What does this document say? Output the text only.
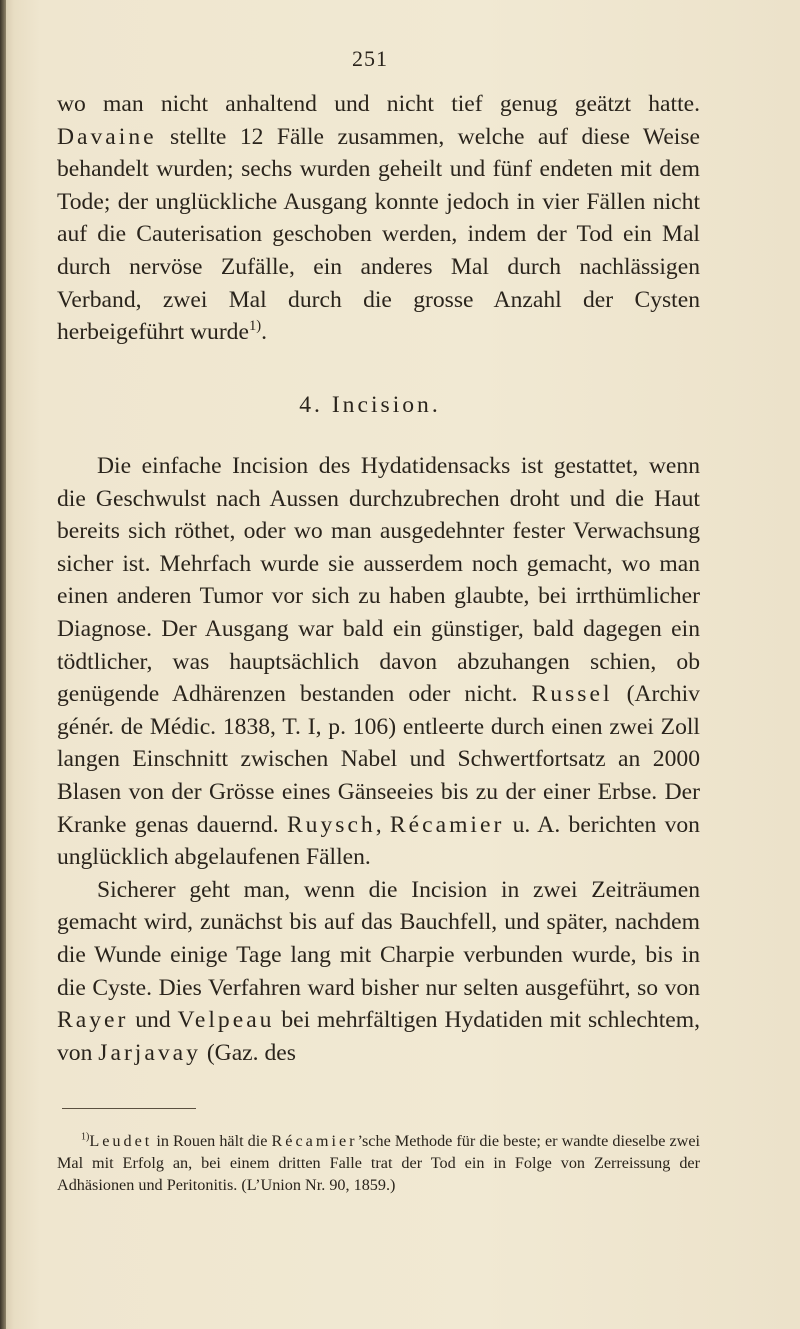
251

wo man nicht anhaltend und nicht tief genug geätzt hatte. Davaine stellte 12 Fälle zusammen, welche auf diese Weise behandelt wurden; sechs wurden geheilt und fünf endeten mit dem Tode; der unglückliche Ausgang konnte jedoch in vier Fällen nicht auf die Cauterisation geschoben werden, indem der Tod ein Mal durch nervöse Zufälle, ein anderes Mal durch nachlässigen Verband, zwei Mal durch die grosse Anzahl der Cysten herbeigeführt wurde$^{1)}$.

4. Incision.

Die einfache Incision des Hydatidensacks ist gestattet, wenn die Geschwulst nach Aussen durchzubrechen droht und die Haut bereits sich röthet, oder wo man ausgedehnter fester Verwachsung sicher ist. Mehrfach wurde sie ausserdem noch gemacht, wo man einen anderen Tumor vor sich zu haben glaubte, bei irrthümlicher Diagnose. Der Ausgang war bald ein günstiger, bald dagegen ein tödtlicher, was hauptsächlich davon abzuhangen schien, ob genügende Adhärenzen bestanden oder nicht. Russel (Archiv génér. de Médic. 1838, T. I, p. 106) entleerte durch einen zwei Zoll langen Einschnitt zwischen Nabel und Schwertfortsatz an 2000 Blasen von der Grösse eines Gänseeies bis zu der einer Erbse. Der Kranke genas dauernd. Ruysch, Récamier u. A. berichten von unglücklich abgelaufenen Fällen.

Sicherer geht man, wenn die Incision in zwei Zeiträumen gemacht wird, zunächst bis auf das Bauchfell, und später, nachdem die Wunde einige Tage lang mit Charpie verbunden wurde, bis in die Cyste. Dies Verfahren ward bisher nur selten ausgeführt, so von Rayer und Velpeau bei mehrfältigen Hydatiden mit schlechtem, von Jarjavay (Gaz. des

$^{1)}$Leudet in Rouen hält die Récamier’sche Methode für die beste; er wandte dieselbe zwei Mal mit Erfolg an, bei einem dritten Falle trat der Tod ein in Folge von Zerreissung der Adhäsionen und Peritonitis. (L’Union Nr. 90, 1859.)
